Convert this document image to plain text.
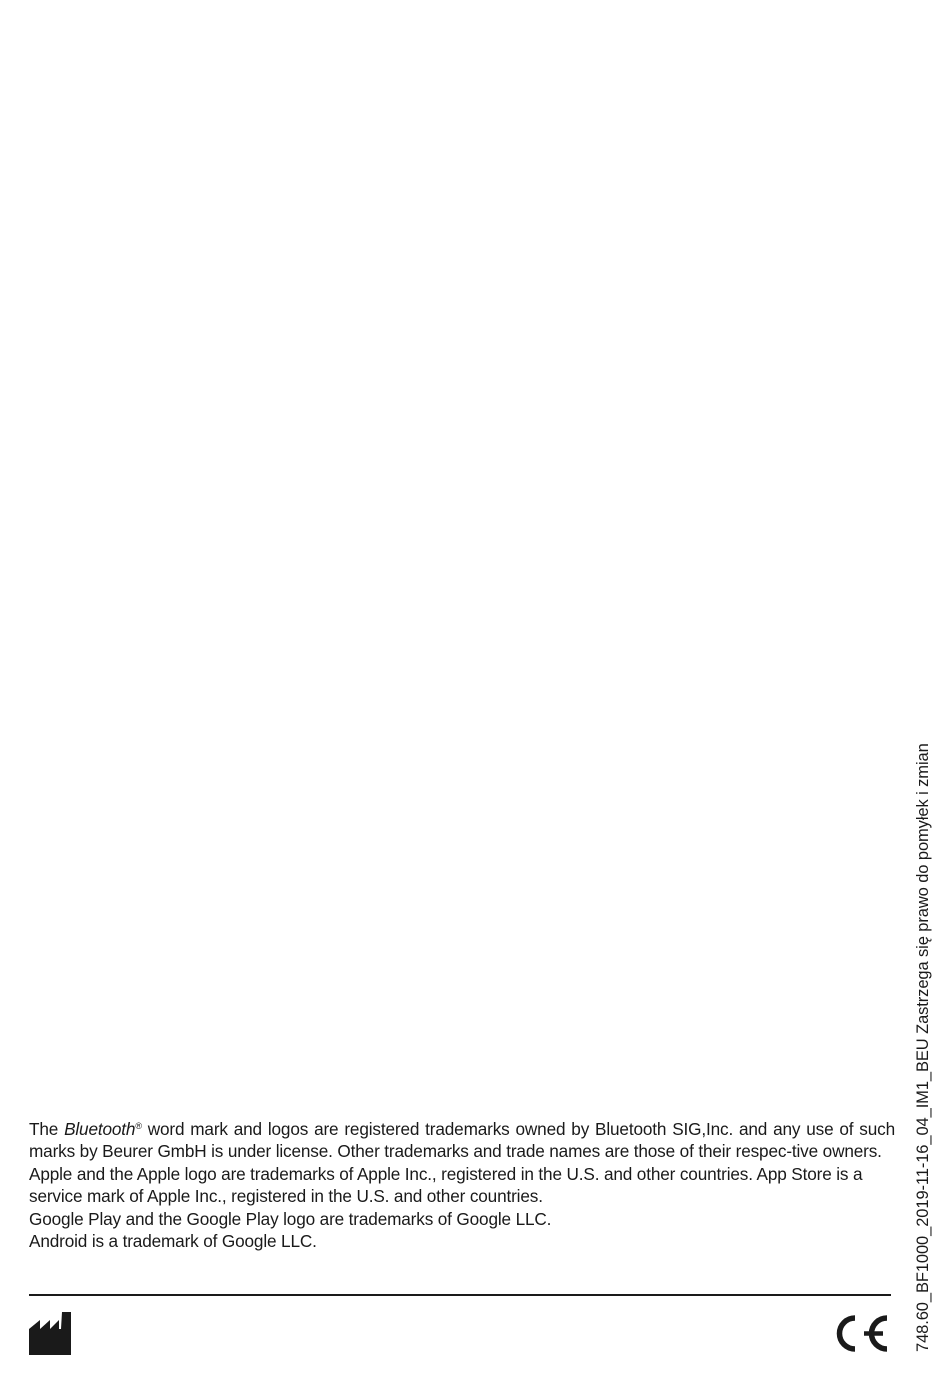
The Bluetooth® word mark and logos are registered trademarks owned by Bluetooth SIG,Inc. and any use of such marks by Beurer GmbH is under license. Other trademarks and trade names are those of their respec-tive owners.

Apple and the Apple logo are trademarks of Apple Inc., registered in the U.S. and other countries. App Store is a service mark of Apple Inc., registered in the U.S. and other countries.

Google Play and the Google Play logo are trademarks of Google LLC.

Android is a trademark of Google LLC.	748.60_BF1000_2019-11-16_04_IM1_BEU Zastrzega się prawo do pomyłek i zmian
